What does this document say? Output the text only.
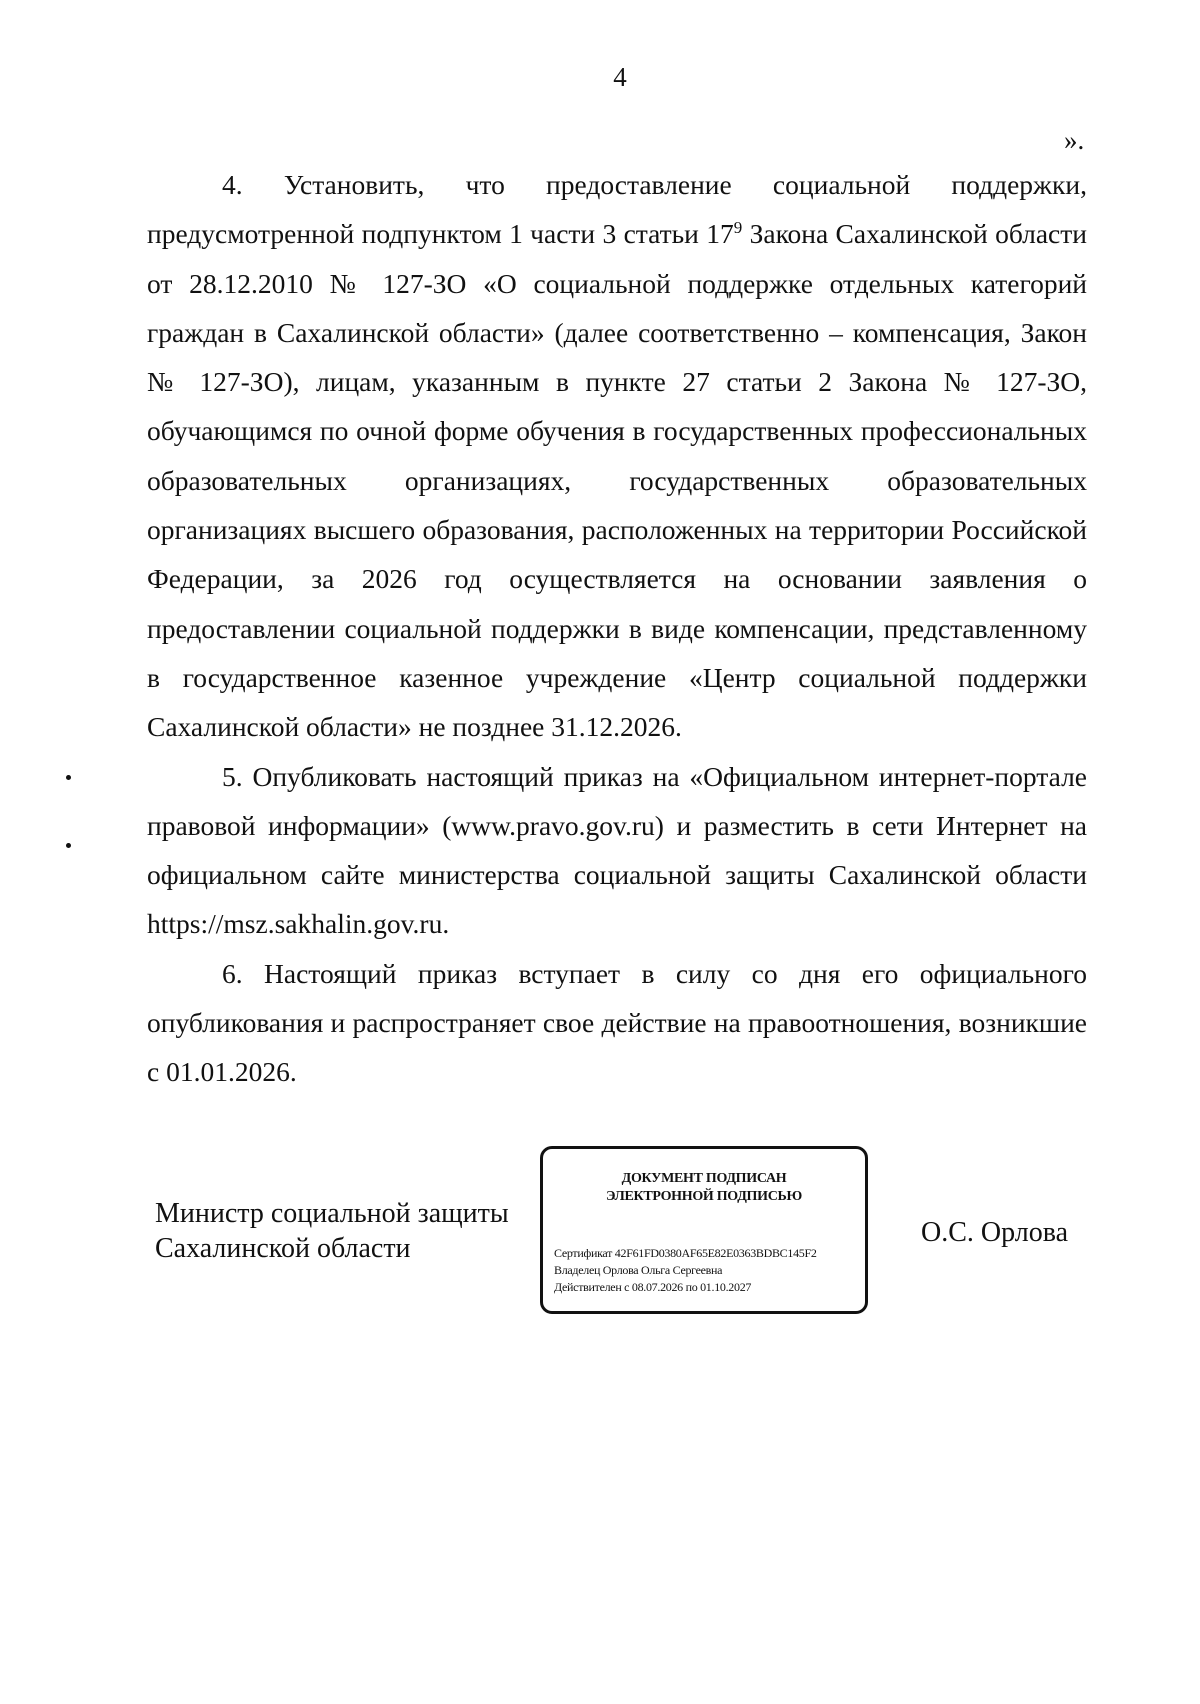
4
».

4. Установить, что предоставление социальной поддержки, предусмотренной подпунктом 1 части 3 статьи $17^9$ Закона Сахалинской области от 28.12.2010 № 127-ЗО «О социальной поддержке отдельных категорий граждан в Сахалинской области» (далее соответственно – компенсация, Закон № 127-ЗО), лицам, указанным в пункте 27 статьи 2 Закона № 127-ЗО, обучающимся по очной форме обучения в государственных профессиональных образовательных организациях, государственных образовательных организациях высшего образования, расположенных на территории Российской Федерации, за 2026 год осуществляется на основании заявления о предоставлении социальной поддержки в виде компенсации, представленному в государственное казенное учреждение «Центр социальной поддержки Сахалинской области» не позднее 31.12.2026.

5. Опубликовать настоящий приказ на «Официальном интернет-портале правовой информации» (www.pravo.gov.ru) и разместить в сети Интернет на официальном сайте министерства социальной защиты Сахалинской области https://msz.sakhalin.gov.ru.

6. Настоящий приказ вступает в силу со дня его официального опубликования и распространяет свое действие на правоотношения, возникшие с 01.01.2026.

Министр социальной защиты
Сахалинской области
ДОКУМЕНТ ПОДПИСАН
ЭЛЕКТРОННОЙ ПОДПИСЬЮ
Сертификат 42F61FD0380AF65E82E0363BDBC145F2
Владелец Орлова Ольга Сергеевна
Действителен с 08.07.2026 по 01.10.2027
О.С. Орлова
